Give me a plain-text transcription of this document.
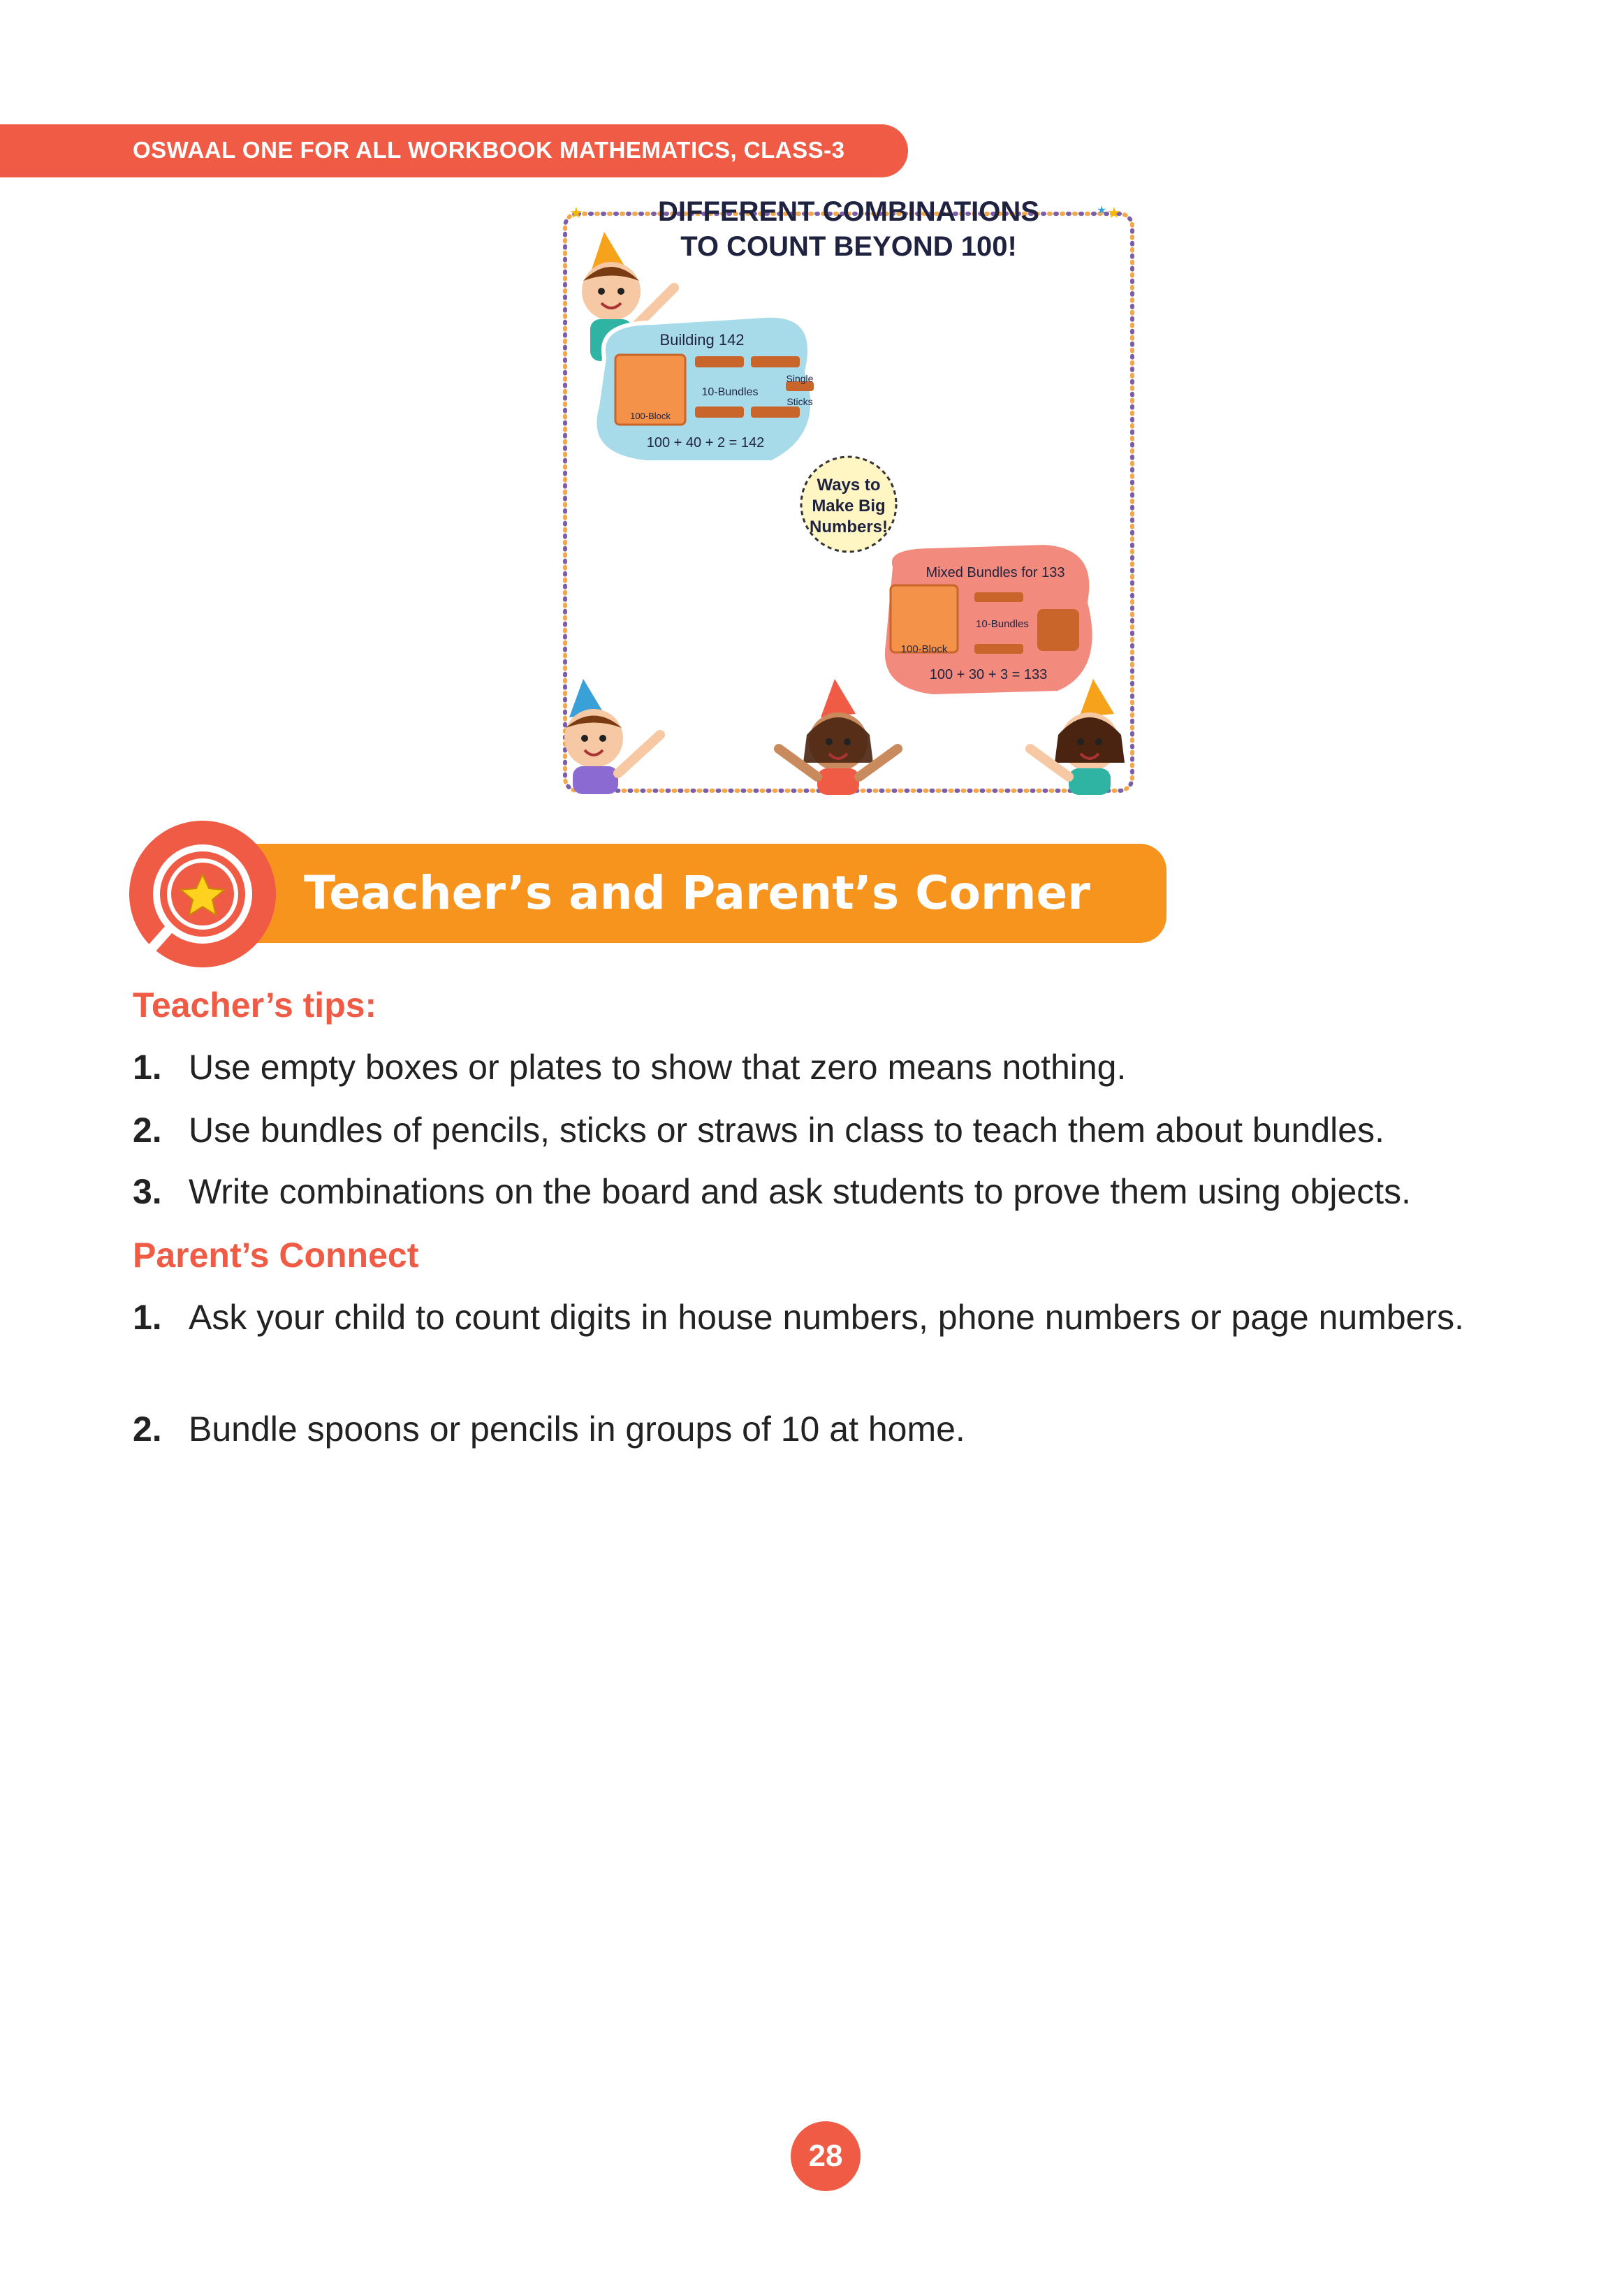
OSWAAL ONE FOR ALL WORKBOOK MATHEMATICS, CLASS-3
★	★
★
DIFFERENT COMBINATIONS
TO COUNT BEYOND 100!
Building 142
100-Block
10-Bundles
Single
Sticks
100 + 40 + 2 = 142
Ways to
Make Big
Numbers!
Mixed Bundles for 133
100-Block
10-Bundles
100 + 30 + 3 = 133
Teacher’s and Parent’s Corner
Teacher’s tips:
1. Use empty boxes or plates to show that zero means nothing.
2. Use bundles of pencils, sticks or straws in class to teach them about bundles.
3. Write combinations on the board and ask students to prove them using objects.
Parent’s Connect
1. Ask your child to count digits in house numbers, phone numbers or page numbers.
2. Bundle spoons or pencils in groups of 10 at home.
28
